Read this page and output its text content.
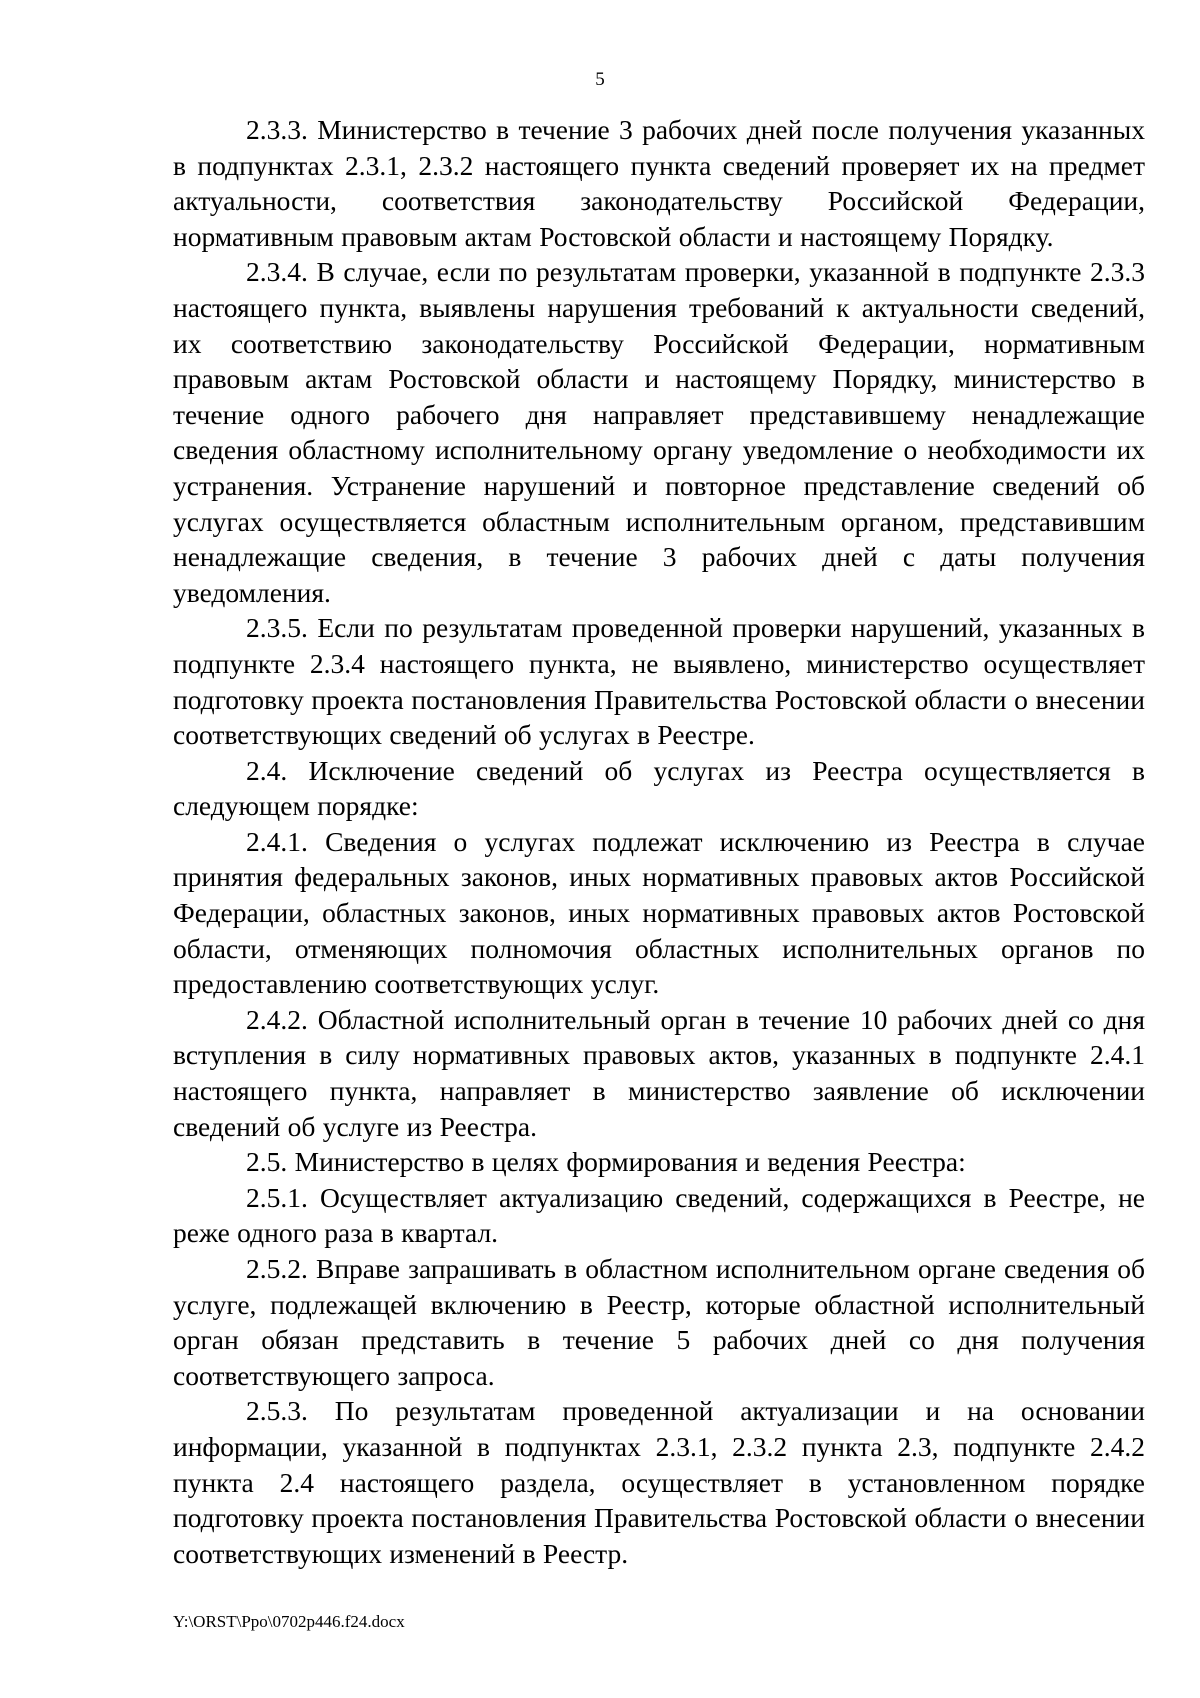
5

2.3.3. Министерство в течение 3 рабочих дней после получения указанных в подпунктах 2.3.1, 2.3.2 настоящего пункта сведений проверяет их на предмет актуальности, соответствия законодательству Российской Федерации, нормативным правовым актам Ростовской области и настоящему Порядку.

2.3.4. В случае, если по результатам проверки, указанной в подпункте 2.3.3 настоящего пункта, выявлены нарушения требований к актуальности сведений, их соответствию законодательству Российской Федерации, нормативным правовым актам Ростовской области и настоящему Порядку, министерство в течение одного рабочего дня направляет представившему ненадлежащие сведения областному исполнительному органу уведомление о необходимости их устранения. Устранение нарушений и повторное представление сведений об услугах осуществляется областным исполнительным органом, представившим ненадлежащие сведения, в течение 3 рабочих дней с даты получения уведомления.

2.3.5. Если по результатам проведенной проверки нарушений, указанных в подпункте 2.3.4 настоящего пункта, не выявлено, министерство осуществляет подготовку проекта постановления Правительства Ростовской области о внесении соответствующих сведений об услугах в Реестре.

2.4. Исключение сведений об услугах из Реестра осуществляется в следующем порядке:

2.4.1. Сведения о услугах подлежат исключению из Реестра в случае принятия федеральных законов, иных нормативных правовых актов Российской Федерации, областных законов, иных нормативных правовых актов Ростовской области, отменяющих полномочия областных исполнительных органов по предоставлению соответствующих услуг.

2.4.2. Областной исполнительный орган в течение 10 рабочих дней со дня вступления в силу нормативных правовых актов, указанных в подпункте 2.4.1 настоящего пункта, направляет в министерство заявление об исключении сведений об услуге из Реестра.

2.5. Министерство в целях формирования и ведения Реестра:

2.5.1. Осуществляет актуализацию сведений, содержащихся в Реестре, не реже одного раза в квартал.

2.5.2. Вправе запрашивать в областном исполнительном органе сведения об услуге, подлежащей включению в Реестр, которые областной исполнительный орган обязан представить в течение 5 рабочих дней со дня получения соответствующего запроса.

2.5.3. По результатам проведенной актуализации и на основании информации, указанной в подпунктах 2.3.1, 2.3.2 пункта 2.3, подпункте 2.4.2 пункта 2.4 настоящего раздела, осуществляет в установленном порядке подготовку проекта постановления Правительства Ростовской области о внесении соответствующих изменений в Реестр.

Y:\ORST\Ppo\0702p446.f24.docx
